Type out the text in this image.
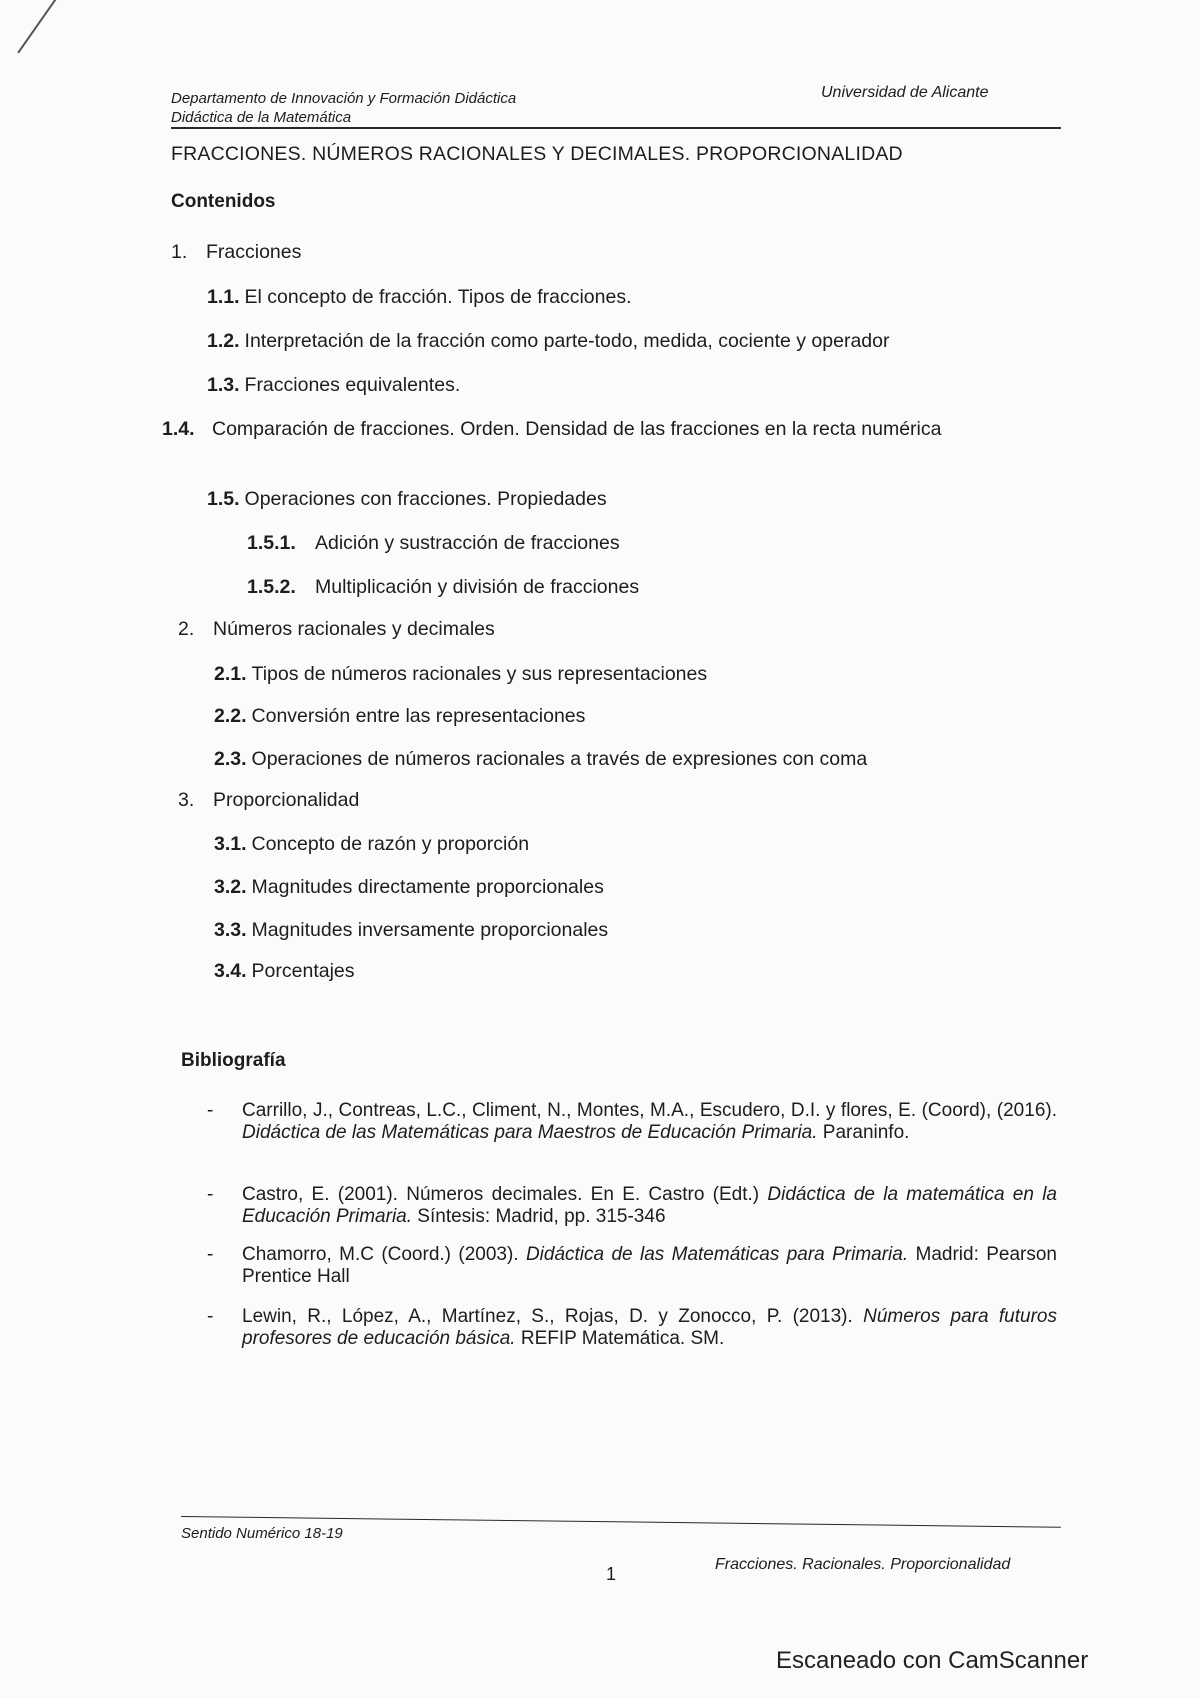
Departamento de Innovación y Formación Didáctica
Didáctica de la Matemática
Universidad de Alicante
FRACCIONES. NÚMEROS RACIONALES Y DECIMALES. PROPORCIONALIDAD
Contenidos
1. Fracciones
1.1. El concepto de fracción. Tipos de fracciones.
1.2. Interpretación de la fracción como parte-todo, medida, cociente y operador
1.3. Fracciones equivalentes.
1.4. Comparación de fracciones. Orden. Densidad de las fracciones en la recta numérica
1.5. Operaciones con fracciones. Propiedades
1.5.1. Adición y sustracción de fracciones
1.5.2. Multiplicación y división de fracciones
2. Números racionales y decimales
2.1. Tipos de números racionales y sus representaciones
2.2. Conversión entre las representaciones
2.3. Operaciones de números racionales a través de expresiones con coma
3. Proporcionalidad
3.1. Concepto de razón y proporción
3.2. Magnitudes directamente proporcionales
3.3. Magnitudes inversamente proporcionales
3.4. Porcentajes
Bibliografía
- Carrillo, J., Contreas, L.C., Climent, N., Montes, M.A., Escudero, D.I. y flores, E. (Coord), (2016). Didáctica de las Matemáticas para Maestros de Educación Primaria. Paraninfo.
- Castro, E. (2001). Números decimales. En E. Castro (Edt.) Didáctica de la matemática en la Educación Primaria. Síntesis: Madrid, pp. 315-346
- Chamorro, M.C (Coord.) (2003). Didáctica de las Matemáticas para Primaria. Madrid: Pearson Prentice Hall
- Lewin, R., López, A., Martínez, S., Rojas, D. y Zonocco, P. (2013). Números para futuros profesores de educación básica. REFIP Matemática. SM.
Sentido Numérico 18-19
1	Fracciones. Racionales. Proporcionalidad
Escaneado con CamScanner
